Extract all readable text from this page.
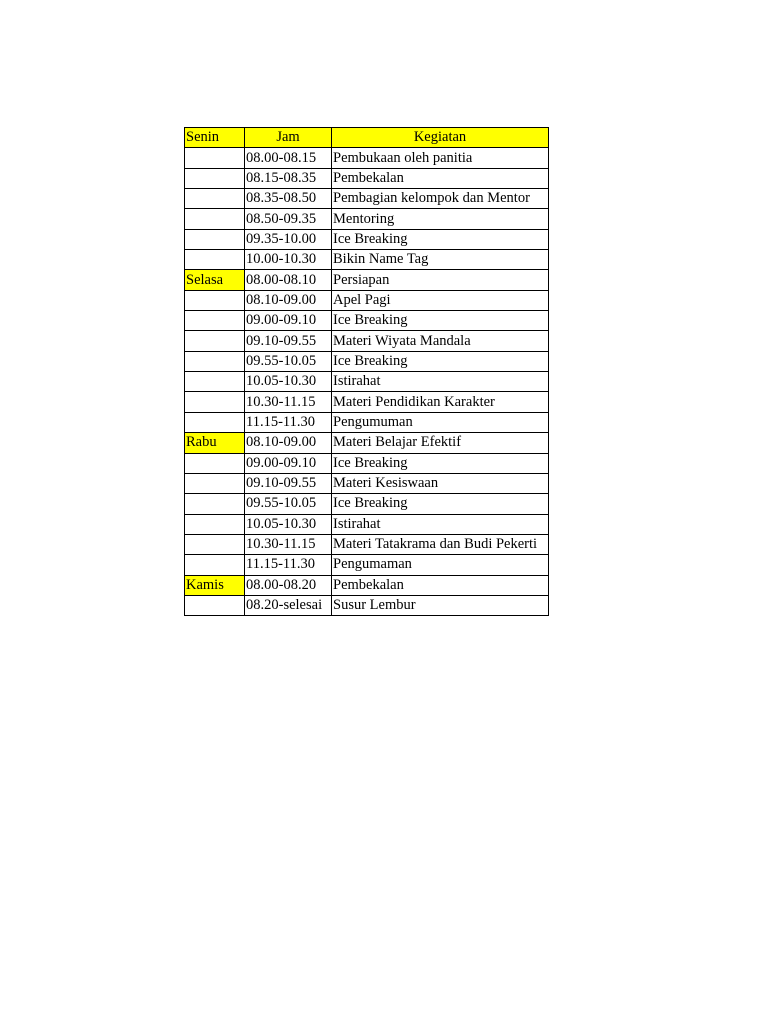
Senin	Jam	Kegiatan
	08.00-08.15	Pembukaan oleh panitia
	08.15-08.35	Pembekalan
	08.35-08.50	Pembagian kelompok dan Mentor
	08.50-09.35	Mentoring
	09.35-10.00	Ice Breaking
	10.00-10.30	Bikin Name Tag
Selasa	08.00-08.10	Persiapan
	08.10-09.00	Apel Pagi
	09.00-09.10	Ice Breaking
	09.10-09.55	Materi Wiyata Mandala
	09.55-10.05	Ice Breaking
	10.05-10.30	Istirahat
	10.30-11.15	Materi Pendidikan Karakter
	11.15-11.30	Pengumuman
Rabu	08.10-09.00	Materi Belajar Efektif
	09.00-09.10	Ice Breaking
	09.10-09.55	Materi Kesiswaan
	09.55-10.05	Ice Breaking
	10.05-10.30	Istirahat
	10.30-11.15	Materi Tatakrama dan Budi Pekerti
	11.15-11.30	Pengumaman
Kamis	08.00-08.20	Pembekalan
	08.20-selesai	Susur Lembur
